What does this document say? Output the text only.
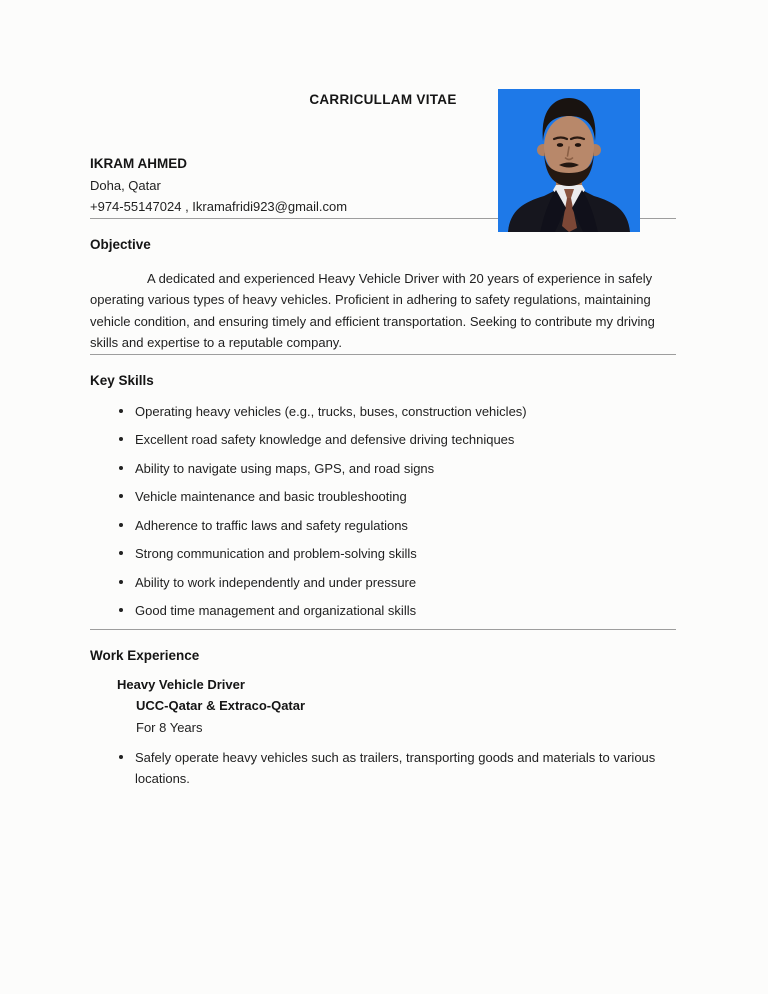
CARRICULLAM VITAE
IKRAM AHMED
Doha, Qatar
+974-55147024 , Ikramafridi923@gmail.com
Objective

A dedicated and experienced Heavy Vehicle Driver with 20 years of experience in safely operating various types of heavy vehicles. Proficient in adhering to safety regulations, maintaining vehicle condition, and ensuring timely and efficient transportation. Seeking to contribute my driving skills and expertise to a reputable company.

Key Skills
Operating heavy vehicles (e.g., trucks, buses, construction vehicles)
Excellent road safety knowledge and defensive driving techniques
Ability to navigate using maps, GPS, and road signs
Vehicle maintenance and basic troubleshooting
Adherence to traffic laws and safety regulations
Strong communication and problem-solving skills
Ability to work independently and under pressure
Good time management and organizational skills
Work Experience
Heavy Vehicle Driver
UCC-Qatar & Extraco-Qatar
For 8 Years
Safely operate heavy vehicles such as trailers, transporting goods and materials to various locations.
